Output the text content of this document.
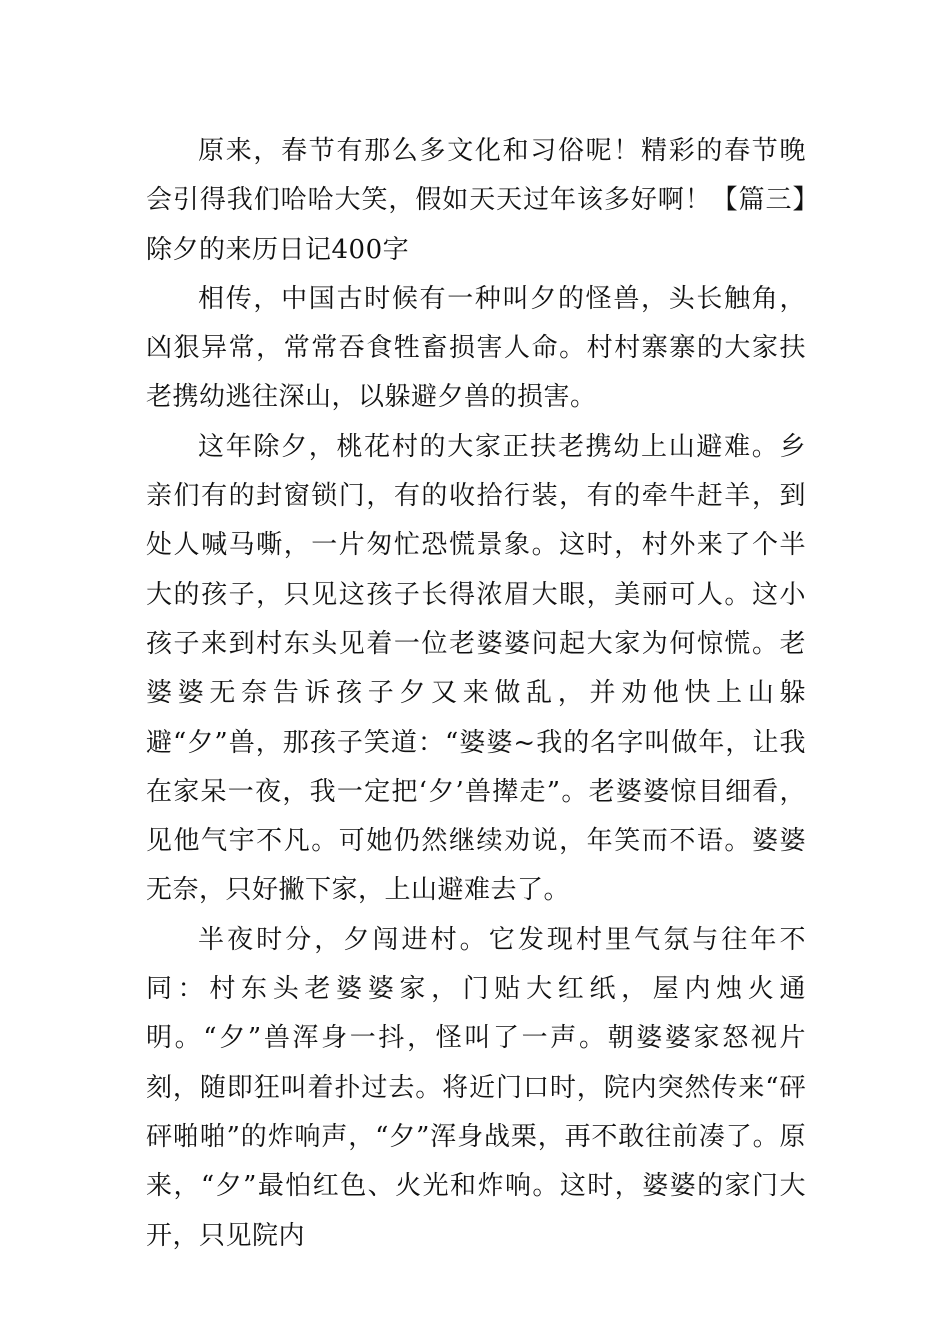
原来，春节有那么多文化和习俗呢！精彩的春节晚会引得我们哈哈大笑，假如天天过年该多好啊！【篇三】除夕的来历日记400字

相传，中国古时候有一种叫夕的怪兽，头长触角，凶狠异常，常常吞食牲畜损害人命。村村寨寨的大家扶老携幼逃往深山，以躲避夕兽的损害。

这年除夕，桃花村的大家正扶老携幼上山避难。乡亲们有的封窗锁门，有的收拾行装，有的牵牛赶羊，到处人喊马嘶，一片匆忙恐慌景象。这时，村外来了个半大的孩子，只见这孩子长得浓眉大眼，美丽可人。这小孩子来到村东头见着一位老婆婆问起大家为何惊慌。老婆婆无奈告诉孩子夕又来做乱，并劝他快上山躲避“夕”兽，那孩子笑道：“婆婆~我的名字叫做年，让我在家呆一夜，我一定把‘夕’兽撵走”。老婆婆惊目细看，见他气宇不凡。可她仍然继续劝说，年笑而不语。婆婆无奈，只好撇下家，上山避难去了。

半夜时分，夕闯进村。它发现村里气氛与往年不同：村东头老婆婆家，门贴大红纸，屋内烛火通明。“夕”兽浑身一抖，怪叫了一声。朝婆婆家怒视片刻，随即狂叫着扑过去。将近门口时，院内突然传来“砰砰啪啪”的炸响声，“夕”浑身战栗，再不敢往前凑了。原来，“夕”最怕红色、火光和炸响。这时，婆婆的家门大开，只见院内
